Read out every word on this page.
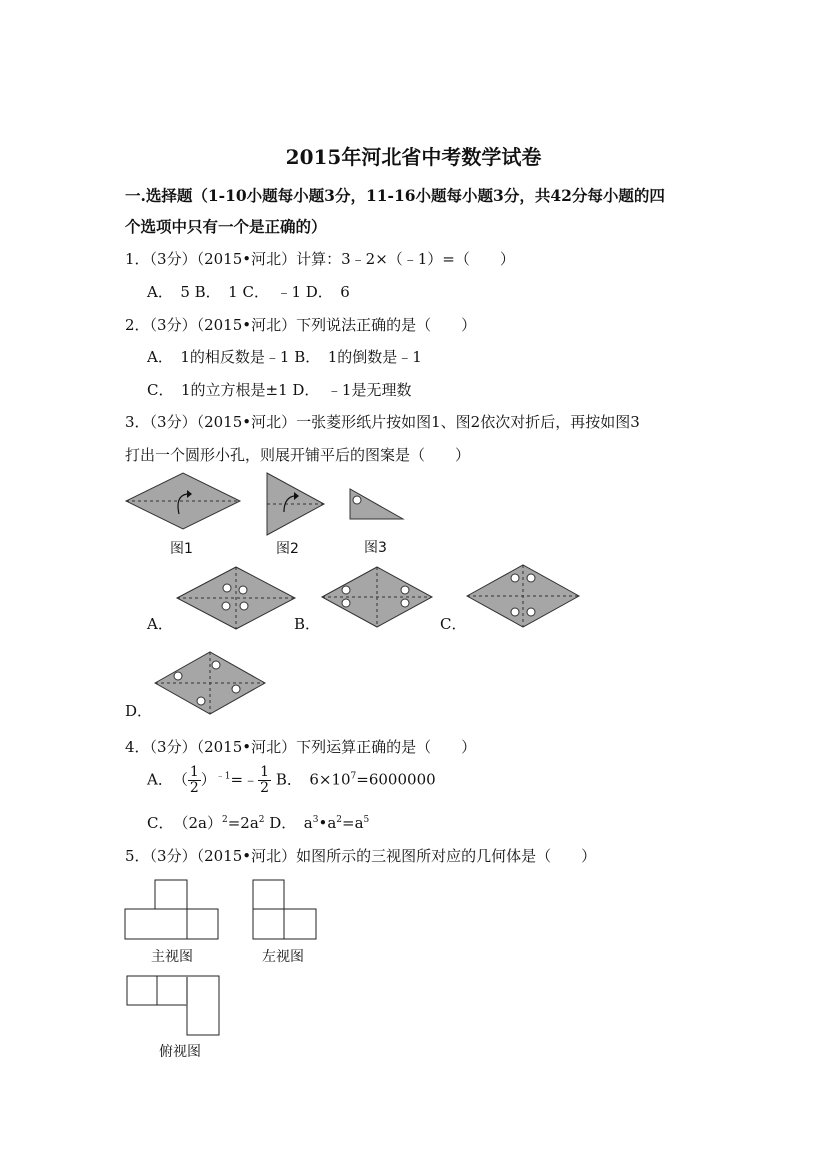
2015年河北省中考数学试卷
一.选择题（1-10小题每小题3分，11-16小题每小题3分，共42分每小题的四
个选项中只有一个是正确的）
1．（3分）（2015•河北）计算：3﹣2×（﹣1）=（　　）
A．　5 B．　1 C．　﹣1 D．　6
2．（3分）（2015•河北）下列说法正确的是（　　）
A．　1的相反数是﹣1 B．　1的倒数是﹣1
C．　1的立方根是±1 D．　﹣1是无理数
3．（3分）（2015•河北）一张菱形纸片按如图1、图2依次对折后，再按如图3
打出一个圆形小孔，则展开铺平后的图案是（　　）
图1	图2	图3
A．	B．	C．
D．
4．（3分）（2015•河北）下列运算正确的是（　　）
A．　（ $\frac{1}{2}$ ）$^{﹣1}$=﹣ $\frac{1}{2}$ B．　$6\times 10^7=6000000$
C．　$(2a)^2=2a^2$ D．　$a^3•a^2=a^5$
5．（3分）（2015•河北）如图所示的三视图所对应的几何体是（　　）
主视图	左视图
俯视图
